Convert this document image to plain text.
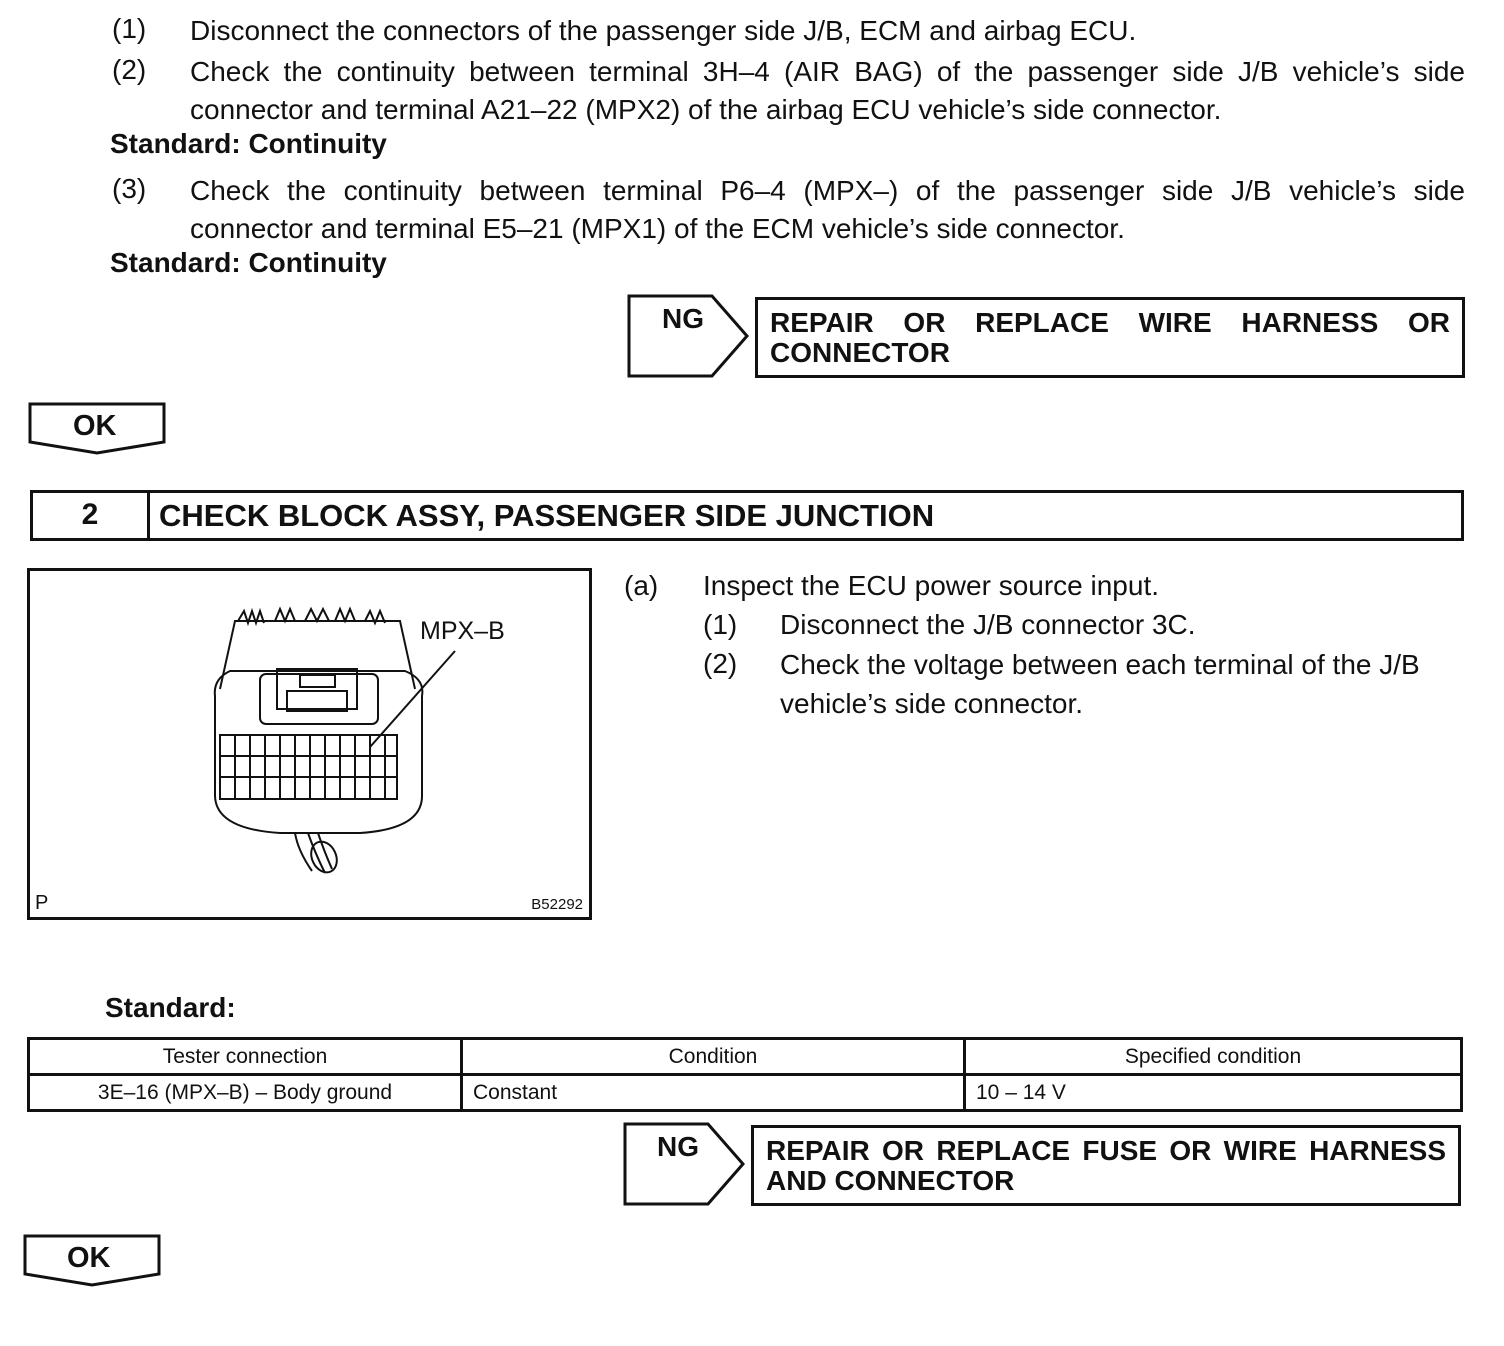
(1) Disconnect the connectors of the passenger side J/B, ECM and airbag ECU.
(2) Check the continuity between terminal 3H–4 (AIR BAG) of the passenger side J/B vehicle’s side connector and terminal A21–22 (MPX2) of the airbag ECU vehicle’s side connector.
Standard: Continuity
(3) Check the continuity between terminal P6–4 (MPX–) of the passenger side J/B vehicle’s side connector and terminal E5–21 (MPX1) of the ECM vehicle’s side connector.
Standard: Continuity
NG	REPAIR OR REPLACE WIRE HARNESS OR CONNECTOR
OK
2	CHECK BLOCK ASSY, PASSENGER SIDE JUNCTION
MPX–B
P	B52292
(a) Inspect the ECU power source input.
(1) Disconnect the J/B connector 3C.
(2) Check the voltage between each terminal of the J/B vehicle’s side connector.
Standard:
Tester connection	Condition	Specified condition
3E–16 (MPX–B) – Body ground	Constant	10 – 14 V
NG	REPAIR OR REPLACE FUSE OR WIRE HARNESS AND CONNECTOR
OK
